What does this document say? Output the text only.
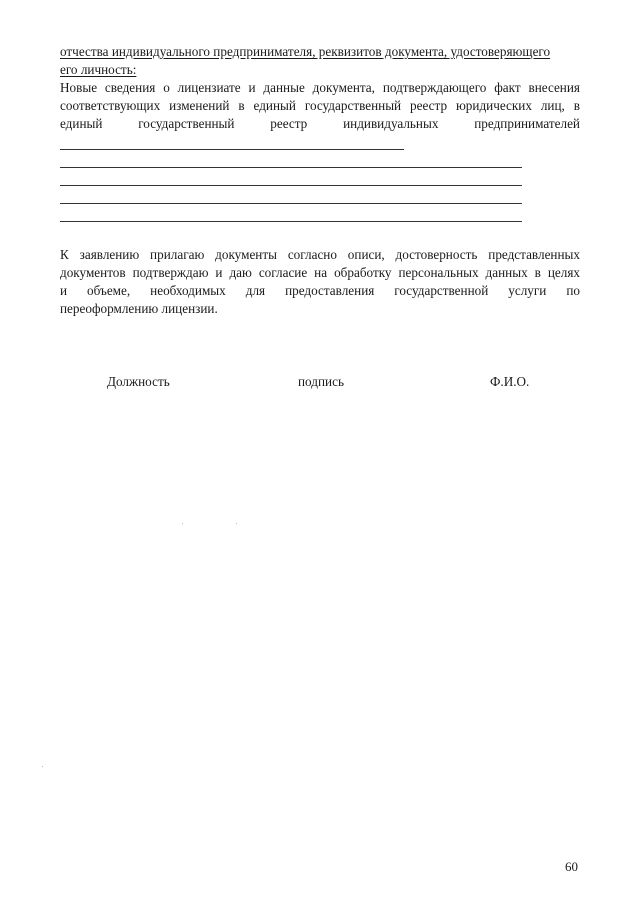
отчества индивидуального предпринимателя, реквизитов документа, удостоверяющего
его личность:
Новые сведения о лицензиате и данные документа, подтверждающего факт внесения
соответствующих изменений в единый государственный реестр юридических лиц, в
единый государственный реестр индивидуальных предпринимателей
К заявлению прилагаю документы согласно описи, достоверность представленных
документов подтверждаю и даю согласие на обработку персональных данных в целях
и объеме, необходимых для предоставления государственной услуги по
переоформлению лицензии.
Должность	подпись	Ф.И.О.
60
